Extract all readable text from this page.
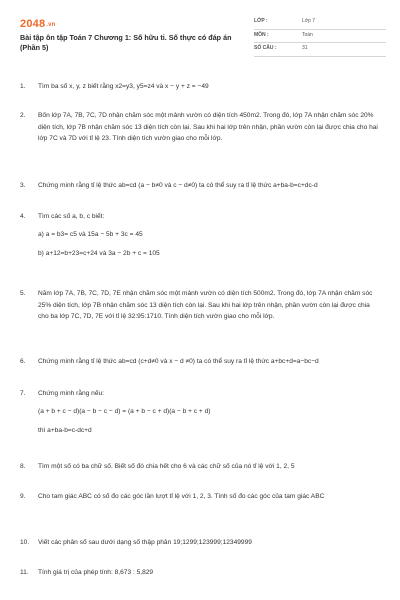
2048.vn
Bài tập ôn tập Toán 7 Chương 1: Số hữu tỉ. Số thực có đáp án (Phần 5)
LỚP :	Lớp 7
MÔN :	Toán
SỐ CÂU :	31
1.	Tìm ba số x, y, z biết rằng x2=y3, y5=z4 và x − y + z = −49
2.	Bốn lớp 7A, 7B, 7C, 7D nhận chăm sóc một mảnh vườn có diện tích 450m2. Trong đó, lớp 7A nhận chăm sóc 20% diện tích, lớp 7B nhận chăm sóc 13 diện tích còn lại. Sau khi hai lớp trên nhận, phần vườn còn lại được chia cho hai lớp 7C và 7D với tỉ lệ 23. Tính diện tích vườn giao cho mỗi lớp.
3.	Chứng minh rằng tỉ lệ thức ab=cd (a − b≠0 và c − d≠0) ta có thể suy ra tỉ lệ thức a+ba-b=c+dc-d
4.	Tìm các số a, b, c biết:
a) a = b3= c5 và 15a − 5b + 3c = 45
b) a+12=b+23=c+24 và 3a − 2b + c = 105
5.	Năm lớp 7A, 7B, 7C, 7D, 7E nhận chăm sóc một mảnh vườn có diện tích 500m2. Trong đó, lớp 7A nhận chăm sóc 25% diện tích, lớp 7B nhận chăm sóc 13 diện tích còn lại. Sau khi hai lớp trên nhận, phần vườn còn lại được chia cho ba lớp 7C, 7D, 7E với tỉ lệ 32:95:1710. Tính diện tích vườn giao cho mỗi lớp.
6.	Chứng minh rằng tỉ lệ thức ab=cd (c+d≠0 và x − d ≠0) ta có thể suy ra tỉ lệ thức a+bc+d=a−bc−d
7.	Chứng minh rằng nếu:
(a + b + c − d)(a − b − c − d) = (a + b − c + d)(a − b + c + d)
thì a+ba-b=c-dc+d
8.	Tìm một số có ba chữ số. Biết số đó chia hết cho 6 và các chữ số của nó tỉ lệ với 1, 2, 5
9.	Cho tam giác ABC có số đo các góc lần lượt tỉ lệ với 1, 2, 3. Tính số đo các góc của tam giác ABC
10.	Viết các phân số sau dưới dạng số thập phân 19;1299;123999;12349999
11.	Tính giá trị của phép tính: 8,673 : 5,829
